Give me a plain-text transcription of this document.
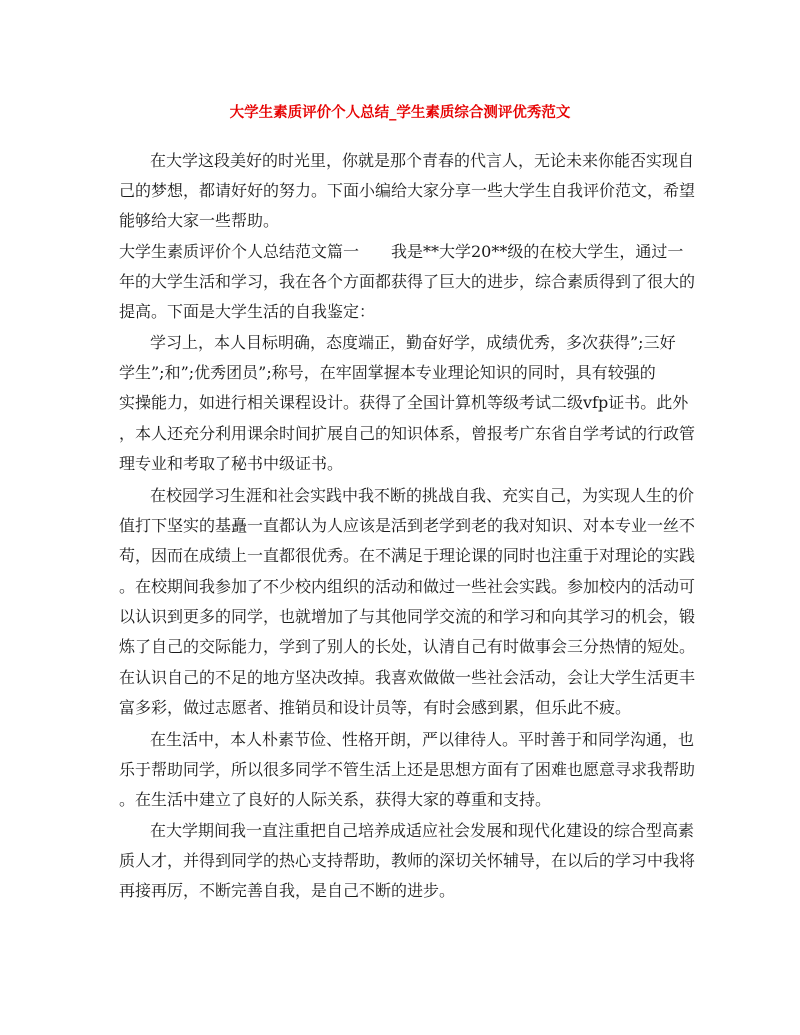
大学生素质评价个人总结_学生素质综合测评优秀范文
在大学这段美好的时光里，你就是那个青春的代言人，无论未来你能否实现自
己的梦想，都请好好的努力。下面小编给大家分享一些大学生自我评价范文，希望
能够给大家一些帮助。
大学生素质评价个人总结范文篇一　　我是**大学20**级的在校大学生，通过一
年的大学生活和学习，我在各个方面都获得了巨大的进步，综合素质得到了很大的
提高。下面是大学生活的自我鉴定：
学习上，本人目标明确，态度端正，勤奋好学，成绩优秀，多次获得”;三好
学生”;和”;优秀团员”;称号，在牢固掌握本专业理论知识的同时，具有较强的
实操能力，如进行相关课程设计。获得了全国计算机等级考试二级vfp证书。此外
，本人还充分利用课余时间扩展自己的知识体系，曾报考广东省自学考试的行政管
理专业和考取了秘书中级证书。
在校园学习生涯和社会实践中我不断的挑战自我、充实自己，为实现人生的价
值打下坚实的基矗一直都认为人应该是活到老学到老的我对知识、对本专业一丝不
苟，因而在成绩上一直都很优秀。在不满足于理论课的同时也注重于对理论的实践
。在校期间我参加了不少校内组织的活动和做过一些社会实践。参加校内的活动可
以认识到更多的同学，也就增加了与其他同学交流的和学习和向其学习的机会，锻
炼了自己的交际能力，学到了别人的长处，认清自己有时做事会三分热情的短处。
在认识自己的不足的地方坚决改掉。我喜欢做做一些社会活动，会让大学生活更丰
富多彩，做过志愿者、推销员和设计员等，有时会感到累，但乐此不疲。
在生活中，本人朴素节俭、性格开朗，严以律待人。平时善于和同学沟通，也
乐于帮助同学，所以很多同学不管生活上还是思想方面有了困难也愿意寻求我帮助
。在生活中建立了良好的人际关系，获得大家的尊重和支持。
在大学期间我一直注重把自己培养成适应社会发展和现代化建设的综合型高素
质人才，并得到同学的热心支持帮助，教师的深切关怀辅导，在以后的学习中我将
再接再厉，不断完善自我，是自己不断的进步。
